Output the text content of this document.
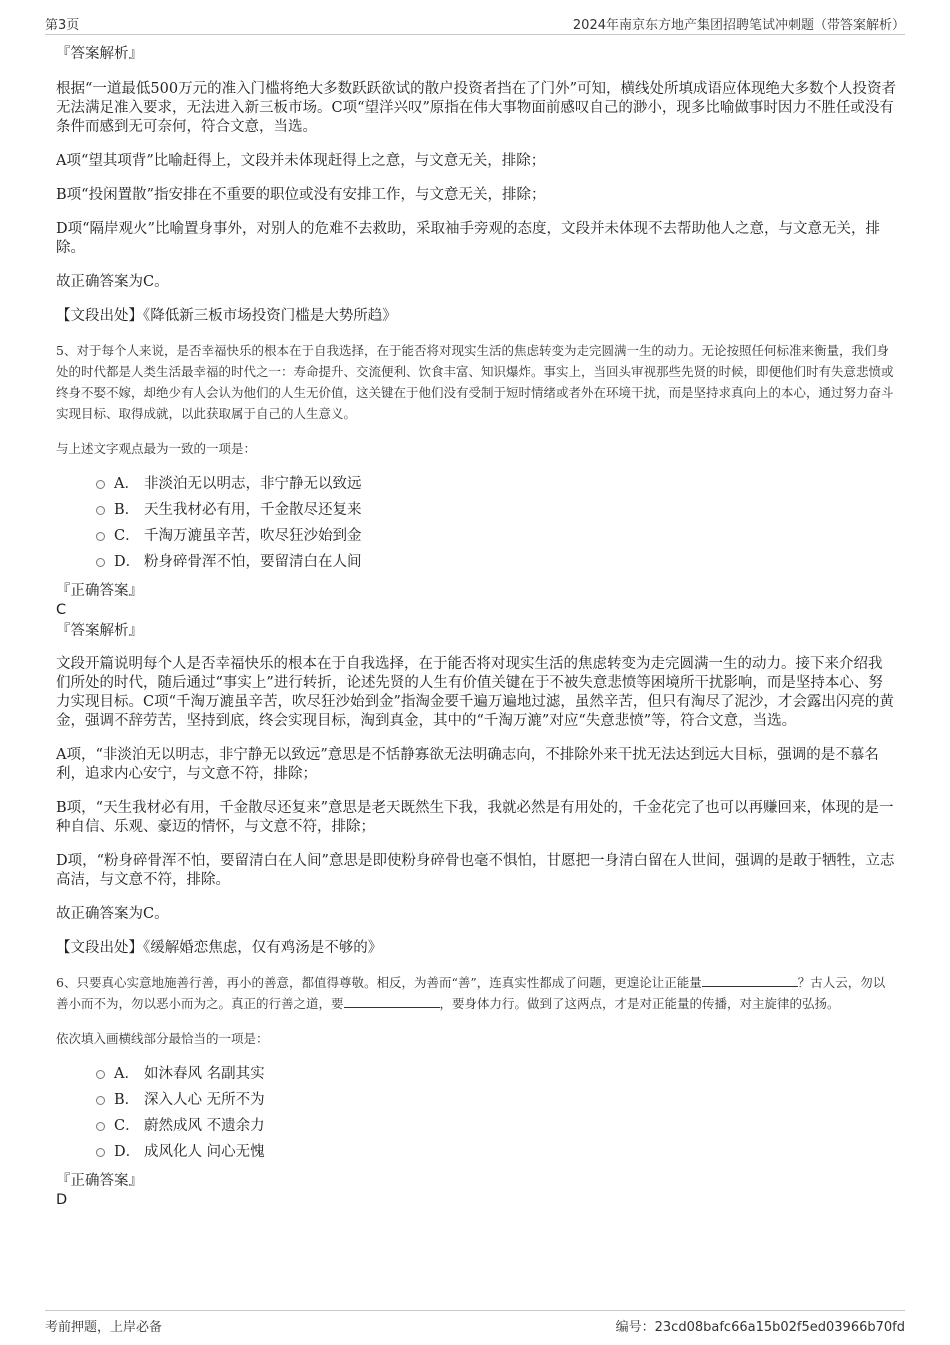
第3页	2024年南京东方地产集团招聘笔试冲刺题（带答案解析）

『答案解析』

根据“一道最低500万元的准入门槛将绝大多数跃跃欲试的散户投资者挡在了门外”可知，横线处所填成语应体现绝大多数个人投资者无法满足准入要求，无法进入新三板市场。C项“望洋兴叹”原指在伟大事物面前感叹自己的渺小，现多比喻做事时因力不胜任或没有条件而感到无可奈何，符合文意，当选。

A项“望其项背”比喻赶得上，文段并未体现赶得上之意，与文意无关，排除；

B项“投闲置散”指安排在不重要的职位或没有安排工作，与文意无关，排除；

D项“隔岸观火”比喻置身事外，对别人的危难不去救助，采取袖手旁观的态度，文段并未体现不去帮助他人之意，与文意无关，排除。

故正确答案为C。

【文段出处】《降低新三板市场投资门槛是大势所趋》

5、对于每个人来说，是否幸福快乐的根本在于自我选择，在于能否将对现实生活的焦虑转变为走完圆满一生的动力。无论按照任何标准来衡量，我们身处的时代都是人类生活最幸福的时代之一：寿命提升、交流便利、饮食丰富、知识爆炸。事实上，当回头审视那些先贤的时候，即便他们时有失意悲愤或终身不娶不嫁，却绝少有人会认为他们的人生无价值，这关键在于他们没有受制于短时情绪或者外在环境干扰，而是坚持求真向上的本心，通过努力奋斗实现目标、取得成就，以此获取属于自己的人生意义。

与上述文字观点最为一致的一项是：

A． 非淡泊无以明志，非宁静无以致远
B． 天生我材必有用，千金散尽还复来
C． 千淘万漉虽辛苦，吹尽狂沙始到金
D． 粉身碎骨浑不怕，要留清白在人间

『正确答案』

C

『答案解析』

文段开篇说明每个人是否幸福快乐的根本在于自我选择，在于能否将对现实生活的焦虑转变为走完圆满一生的动力。接下来介绍我们所处的时代，随后通过“事实上”进行转折，论述先贤的人生有价值关键在于不被失意悲愤等困境所干扰影响，而是坚持本心、努力实现目标。C项“千淘万漉虽辛苦，吹尽狂沙始到金”指淘金要千遍万遍地过滤，虽然辛苦，但只有淘尽了泥沙，才会露出闪亮的黄金，强调不辞劳苦，坚持到底，终会实现目标，淘到真金，其中的“千淘万漉”对应“失意悲愤”等，符合文意，当选。

A项，“非淡泊无以明志，非宁静无以致远”意思是不恬静寡欲无法明确志向，不排除外来干扰无法达到远大目标，强调的是不慕名利，追求内心安宁，与文意不符，排除；

B项，“天生我材必有用，千金散尽还复来”意思是老天既然生下我，我就必然是有用处的，千金花完了也可以再赚回来，体现的是一种自信、乐观、豪迈的情怀，与文意不符，排除；

D项，“粉身碎骨浑不怕，要留清白在人间”意思是即使粉身碎骨也毫不惧怕，甘愿把一身清白留在人世间，强调的是敢于牺牲，立志高洁，与文意不符，排除。

故正确答案为C。

【文段出处】《缓解婚恋焦虑，仅有鸡汤是不够的》

6、只要真心实意地施善行善，再小的善意，都值得尊敬。相反，为善而“善”，连真实性都成了问题，更遑论让正能量	？古人云，勿以善小而不为，勿以恶小而为之。真正的行善之道，要	，要身体力行。做到了这两点，才是对正能量的传播，对主旋律的弘扬。

依次填入画横线部分最恰当的一项是：

A． 如沐春风 名副其实
B． 深入人心 无所不为
C． 蔚然成风 不遗余力
D． 成风化人 问心无愧

『正确答案』

D

考前押题，上岸必备	编号：23cd08bafc66a15b02f5ed03966b70fd
